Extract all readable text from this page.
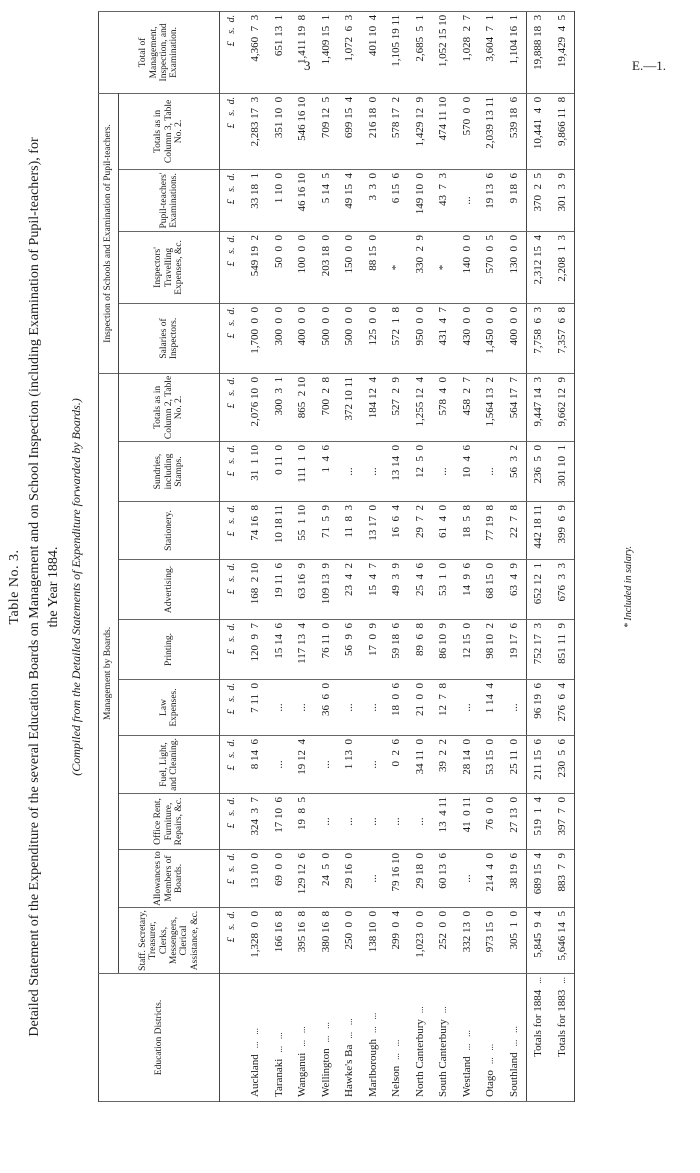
3	E.—1.
Table No. 3. Detailed Statement of the Expenditure of the several Education Boards on Management and on School Inspection (including Examination of Pupil-teachers), for the Year 1884. (Compiled from the Detailed Statements of Expenditure forwarded by Boards.)
Education Districts.	Management by Boards.										Inspection of Schools and Examination of Pupil-teachers.				Total of Management, Inspection, and Examination.
	Staff. Secretary, Treasurer, Clerks, Messengers, Clerical Assistance, &c.	Allowances to Members of Boards.	Office Rent, Furniture, Repairs, &c.	Fuel, Light, and Cleaning.	Law Expenses.	Printing.	Advertising.	Stationery.	Sundries, including Stamps.	Totals as in Column 2, Table No. 2.	Salaries of Inspectors.	Inspectors' Travelling Expenses, &c.	Pupil-teachers' Examinations.	Totals as in Column 3, Table No. 2.	
	£   s.  d.	£   s.  d.	£   s.  d.	£   s.  d.	£   s.  d.	£   s.  d.	£   s.  d.	£   s.  d.	£   s.  d.	£   s.  d.	£   s.  d.	£   s.  d.	£   s.  d.	£   s.  d.	£   s.  d.
Auckland...   ...	1,328  0  0	13 10  0	324  3  7	8 14  6	7 11  0	120  9  7	168  2 10	74 16  8	31  1 10	2,076 10  0	1,700  0  0	549 19  2	33 18  1	2,283 17  3	4,360  7  3
Taranaki...   ...	166 16  8	69  0  0	17 10  6	...	...	15 14  6	19 11  6	10 18 11	0 11  0	300  3  1	300  0  0	50  0  0	1 10  0	351 10  0	651 13  1
Wanganui...   ...	395 16  8	129 12  6	19  8  5	19 12  4	...	117 13  4	63 16  9	55  1 10	111  1  0	865  2 10	400  0  0	100  0  0	46 16 10	546 16 10	1,411 19  8
Wellington...   ...	380 16  8	24  5  0	...	...	36  6  0	76 11  0	109 13  9	71  5  9	1  4  6	700  2  8	500  0  0	203 18  0	5 14  5	709 12  5	1,409 15  1
Hawke's Ba...   ...	250  0  0	29 16  0	...	1 13  0	...	56  9  6	23  4  2	11  8  3	...	372 10 11	500  0  0	150  0  0	49 15  4	699 15  4	1,072  6  3
Marlborough...   ...	138 10  0	...	...	...	...	17  0  9	15  4  7	13 17  0	...	184 12  4	125  0  0	88 15  0	3  3  0	216 18  0	401 10  4
Nelson...   ...	299  0  4	79 16 10	...	0  2  6	18  0  6	59 18  6	49  3  9	16  6  4	13 14  0	527  2  9	572  1  8	*	6 15  6	578 17  2	1,105 19 11
North Canterbury...	1,023  0  0	29 18  0	...	34 11  0	21  0  0	89  6  8	25  4  6	29  7  2	12  5  0	1,255 12  4	950  0  0	330  2  9	149 10  0	1,429 12  9	2,685  5  1
South Canterbury...	252  0  0	60 13  6	13  4 11	39  2  2	12  7  8	86 10  9	53  1  0	61  4  0	...	578  4  0	431  4  7	*	43  7  3	474 11 10	1,052 15 10
Westland...   ...	332 13  0	...	41  0 11	28 14  0	...	12 15  0	14  9  6	18  5  8	10  4  6	458  2  7	430  0  0	140  0  0	...	570  0  0	1,028  2  7
Otago...   ...	973 15  0	214  4  0	76  0  0	53 15  0	1 14  4	98 10  2	68 15  0	77 19  8	...	1,564 13  2	1,450  0  0	570  0  5	19 13  6	2,039 13 11	3,604  7  1
Southland...   ...	305  1  0	38 19  6	27 13  0	25 11  0	...	19 17  6	63  4  9	22  7  8	56  3  2	564 17  7	400  0  0	130  0  0	9 18  6	539 18  6	1,104 16  1
Totals for 1884...	5,845  9  4	689 15  4	519  1  4	211 15  6	96 19  6	752 17  3	652 12  1	442 18 11	236  5  0	9,447 14  3	7,758  6  3	2,312 15  4	370  2  5	10,441  4  0	19,888 18  3
Totals for 1883...	5,646 14  5	883  7  9	397  7  0	230  5  6	276  6  4	851 11  9	676  3  3	399  6  9	301 10  1	9,662 12  9	7,357  6  8	2,208  1  3	301  3  9	9,866 11  8	19,429  4  5
* Included in salary.
